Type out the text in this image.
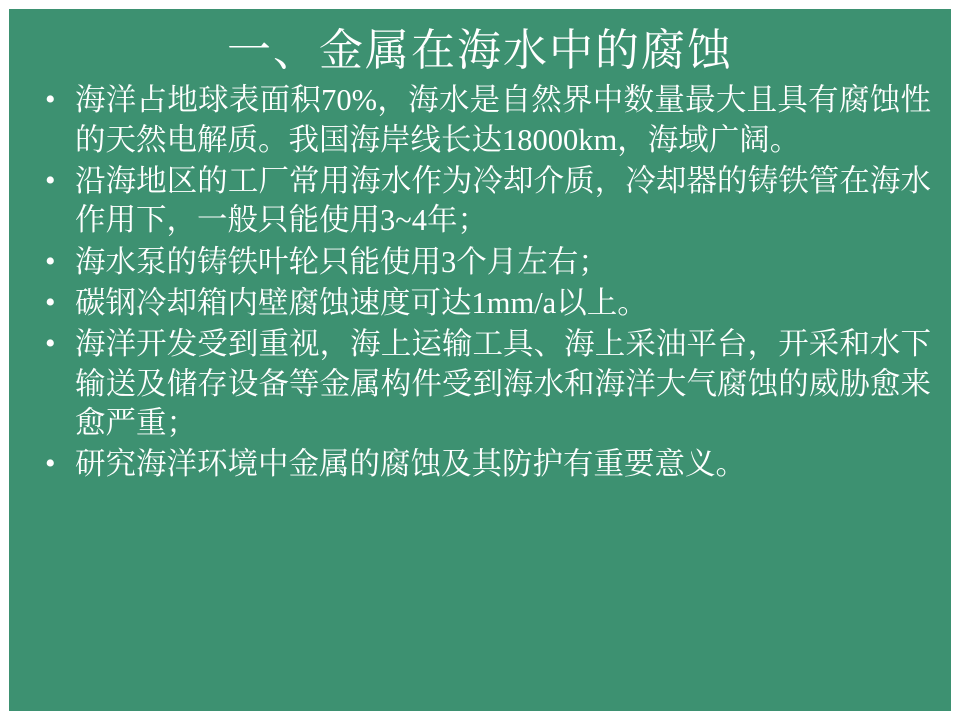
一、金属在海水中的腐蚀
• 海洋占地球表面积70%，海水是自然界中数量最大且具有腐蚀性的天然电解质。我国海岸线长达18000km，海域广阔。
• 沿海地区的工厂常用海水作为冷却介质，冷却器的铸铁管在海水作用下，一般只能使用3~4年；
• 海水泵的铸铁叶轮只能使用3个月左右；
• 碳钢冷却箱内壁腐蚀速度可达1mm/a以上。
• 海洋开发受到重视，海上运输工具、海上采油平台，开采和水下输送及储存设备等金属构件受到海水和海洋大气腐蚀的威胁愈来愈严重；
• 研究海洋环境中金属的腐蚀及其防护有重要意义。
